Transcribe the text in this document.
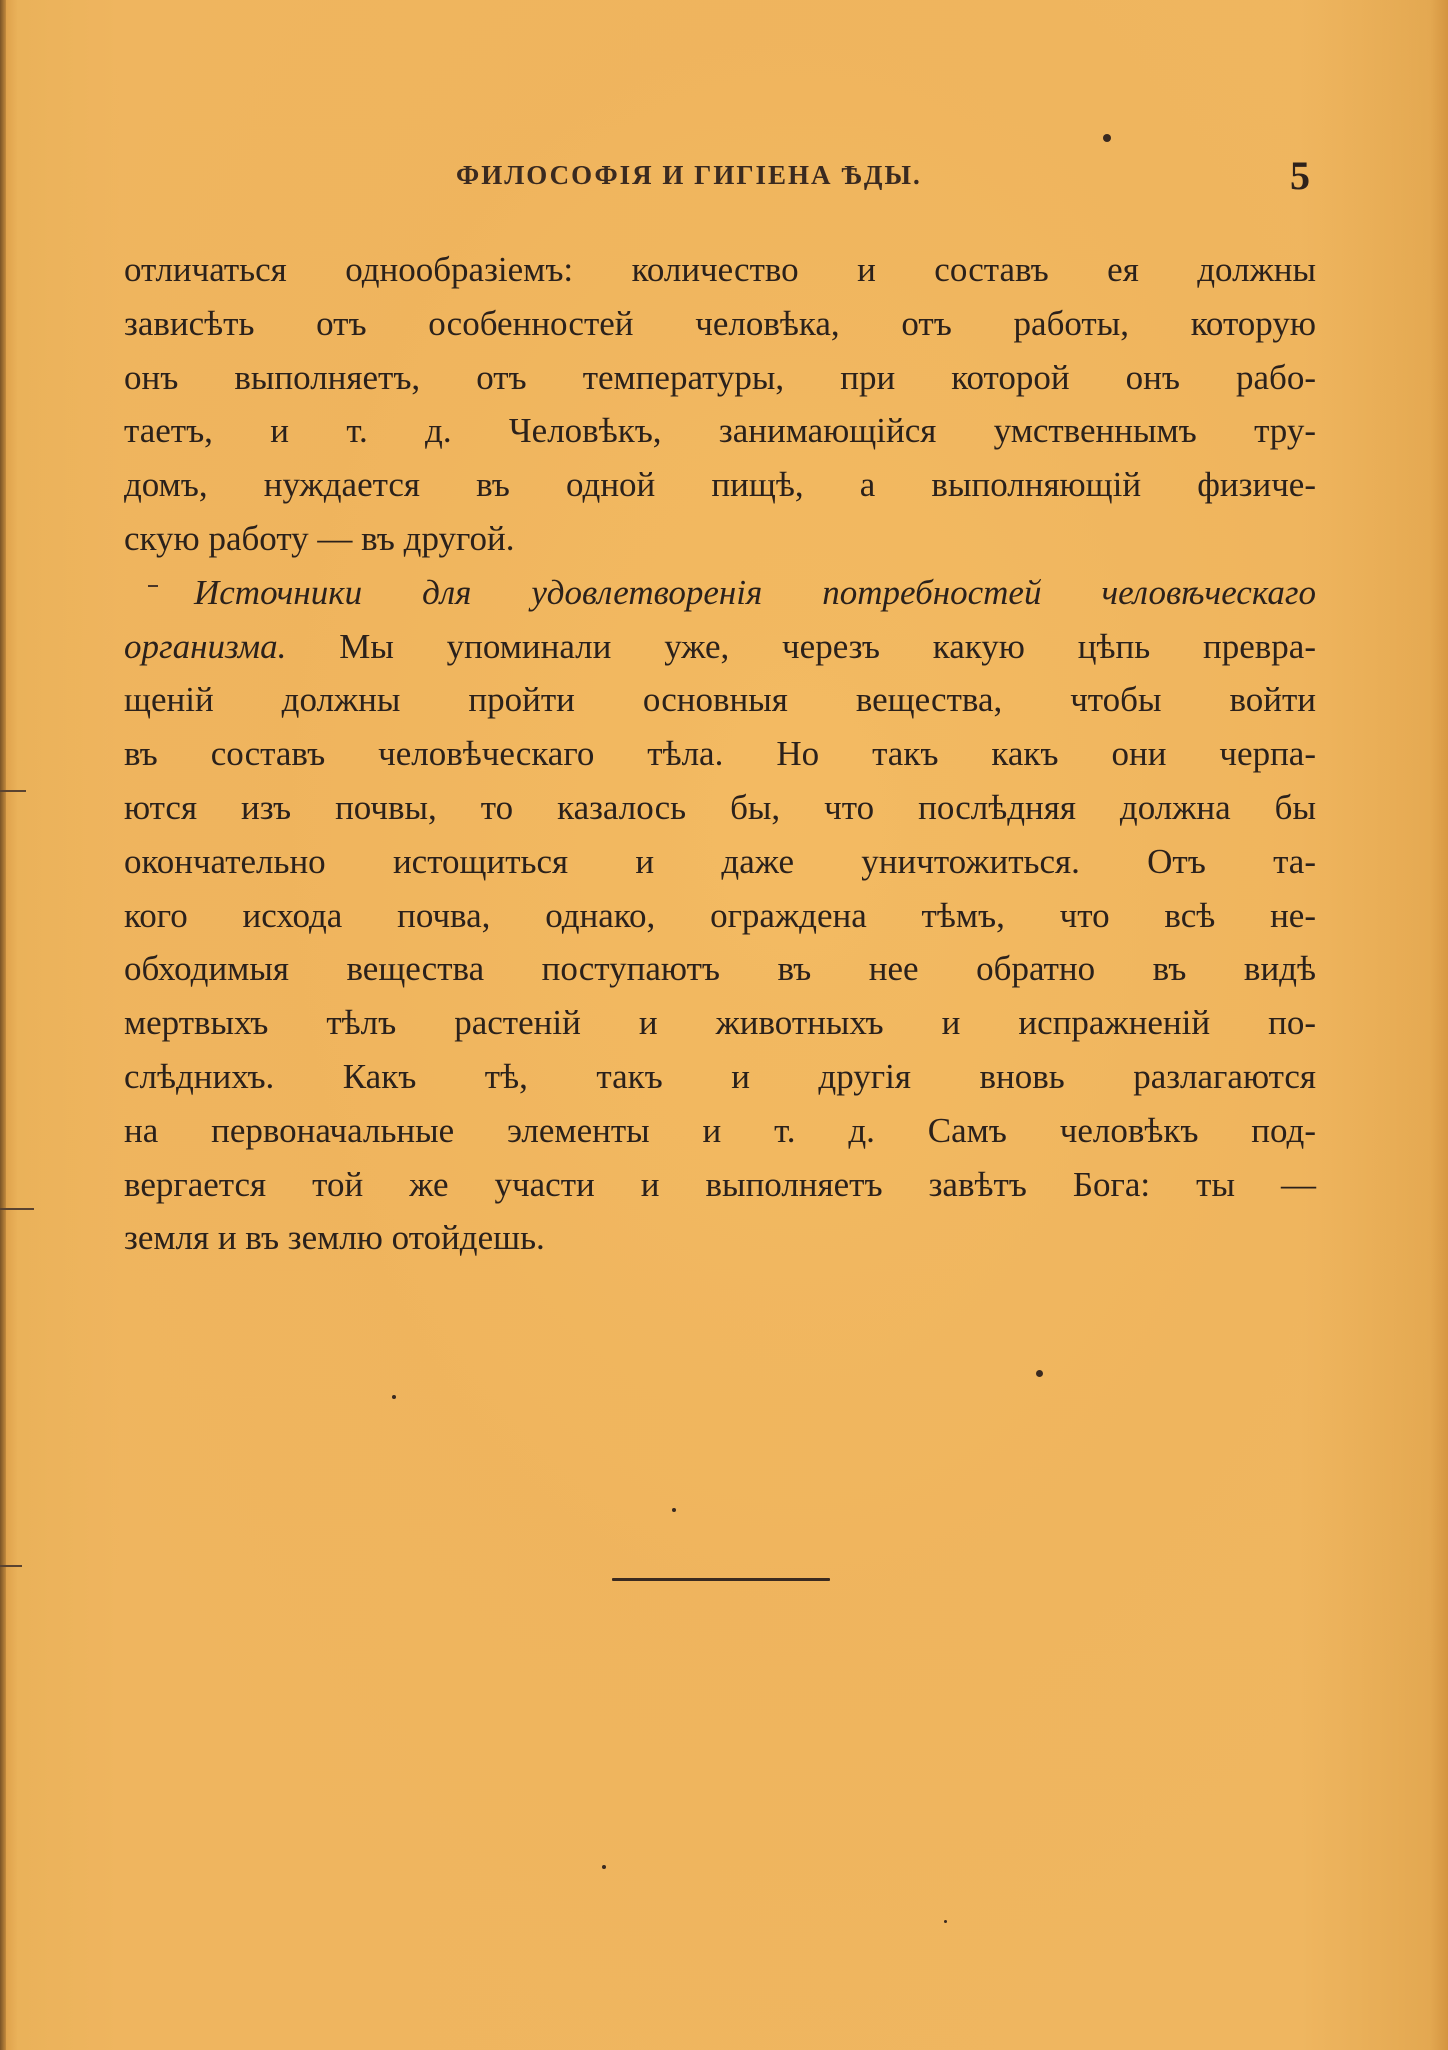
ФИЛОСОФІЯ И ГИГІЕНА ѢДЫ.	5
отличаться однообразіемъ: количество и составъ ея должны
зависѣть отъ особенностей человѣка, отъ работы, которую
онъ выполняетъ, отъ температуры, при которой онъ рабо-
таетъ, и т. д. Человѣкъ, занимающійся умственнымъ тру-
домъ, нуждается въ одной пищѣ, а выполняющій физиче-
скую работу — въ другой.
Источники для удовлетворенія потребностей человѣческаго
организма. Мы упоминали уже, черезъ какую цѣпь превра-
щеній должны пройти основныя вещества, чтобы войти
въ составъ человѣческаго тѣла. Но такъ какъ они черпа-
ются изъ почвы, то казалось бы, что послѣдняя должна бы
окончательно истощиться и даже уничтожиться. Отъ та-
кого исхода почва, однако, ограждена тѣмъ, что всѣ не-
обходимыя вещества поступаютъ въ нее обратно въ видѣ
мертвыхъ тѣлъ растеній и животныхъ и испражненій по-
слѣднихъ. Какъ тѣ, такъ и другія вновь разлагаются
на первоначальные элементы и т. д. Самъ человѣкъ под-
вергается той же участи и выполняетъ завѣтъ Бога: ты —
земля и въ землю отойдешь.
